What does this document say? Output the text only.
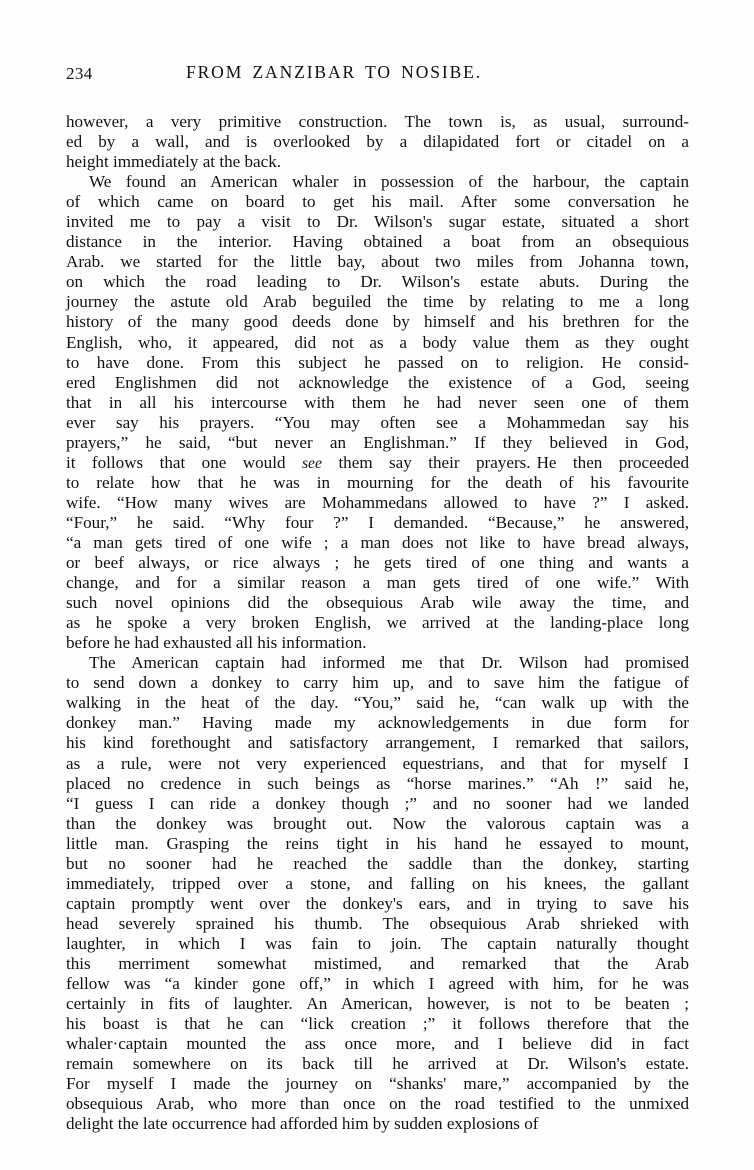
234	FROM ZANZIBAR TO NOSIBE.
however, a very primitive construction. The town is, as usual, surround-
ed by a wall, and is overlooked by a dilapidated fort or citadel on a
height immediately at the back.
We found an American whaler in possession of the harbour, the captain
of which came on board to get his mail. After some conversation he
invited me to pay a visit to Dr. Wilson's sugar estate, situated a short
distance in the interior. Having obtained a boat from an obsequious
Arab. we started for the little bay, about two miles from Johanna town,
on which the road leading to Dr. Wilson's estate abuts. During the
journey the astute old Arab beguiled the time by relating to me a long
history of the many good deeds done by himself and his brethren for the
English, who, it appeared, did not as a body value them as they ought
to have done. From this subject he passed on to religion. He consid-
ered Englishmen did not acknowledge the existence of a God, seeing
that in all his intercourse with them he had never seen one of them
ever say his prayers. “You may often see a Mohammedan say his
prayers,” he said, “but never an Englishman.” If they believed in God,
it follows that one would see them say their prayers. He then proceeded
to relate how that he was in mourning for the death of his favourite
wife. “How many wives are Mohammedans allowed to have ?” I asked.
“Four,” he said. “Why four ?” I demanded. “Because,” he answered,
“a man gets tired of one wife ; a man does not like to have bread always,
or beef always, or rice always ; he gets tired of one thing and wants a
change, and for a similar reason a man gets tired of one wife.” With
such novel opinions did the obsequious Arab wile away the time, and
as he spoke a very broken English, we arrived at the landing-place long
before he had exhausted all his information.
The American captain had informed me that Dr. Wilson had promised
to send down a donkey to carry him up, and to save him the fatigue of
walking in the heat of the day. “You,” said he, “can walk up with the
donkey man.” Having made my acknowledgements in due form for
his kind forethought and satisfactory arrangement, I remarked that sailors,
as a rule, were not very experienced equestrians, and that for myself I
placed no credence in such beings as “horse marines.” “Ah !” said he,
“I guess I can ride a donkey though ;” and no sooner had we landed
than the donkey was brought out. Now the valorous captain was a
little man. Grasping the reins tight in his hand he essayed to mount,
but no sooner had he reached the saddle than the donkey, starting
immediately, tripped over a stone, and falling on his knees, the gallant
captain promptly went over the donkey's ears, and in trying to save his
head severely sprained his thumb. The obsequious Arab shrieked with
laughter, in which I was fain to join. The captain naturally thought
this merriment somewhat mistimed, and remarked that the Arab
fellow was “a kinder gone off,” in which I agreed with him, for he was
certainly in fits of laughter. An American, however, is not to be beaten ;
his boast is that he can “lick creation ;” it follows therefore that the
whaler·captain mounted the ass once more, and I believe did in fact
remain somewhere on its back till he arrived at Dr. Wilson's estate.
For myself I made the journey on “shanks' mare,” accompanied by the
obsequious Arab, who more than once on the road testified to the unmixed
delight the late occurrence had afforded him by sudden explosions of
